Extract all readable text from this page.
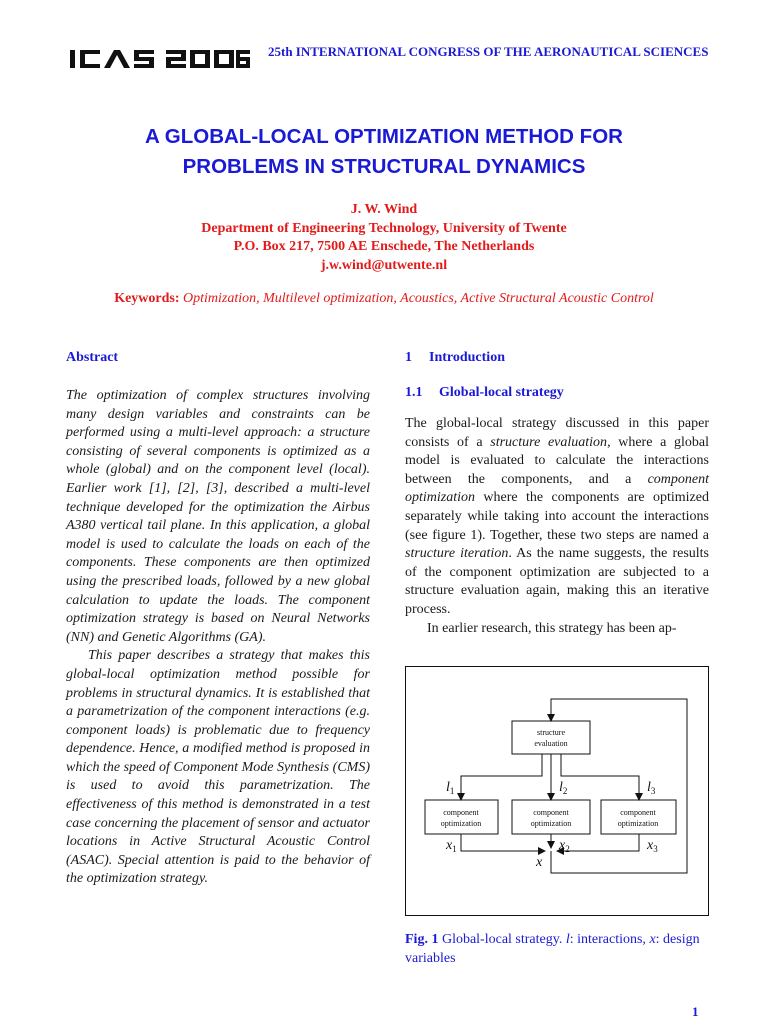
25th INTERNATIONAL CONGRESS OF THE AERONAUTICAL SCIENCES
A GLOBAL-LOCAL OPTIMIZATION METHOD FOR
PROBLEMS IN STRUCTURAL DYNAMICS
J. W. Wind
Department of Engineering Technology, University of Twente
P.O. Box 217, 7500 AE Enschede, The Netherlands
j.w.wind@utwente.nl
Keywords: Optimization, Multilevel optimization, Acoustics, Active Structural Acoustic Control
Abstract

The optimization of complex structures involving many design variables and constraints can be performed using a multi-level approach: a structure consisting of several components is optimized as a whole (global) and on the component level (local). Earlier work [1], [2], [3], described a multi-level technique developed for the optimization the Airbus A380 vertical tail plane. In this application, a global model is used to calculate the loads on each of the components. These components are then optimized using the prescribed loads, followed by a new global calculation to update the loads. The component optimization strategy is based on Neural Networks (NN) and Genetic Algorithms (GA).

This paper describes a strategy that makes this global-local optimization method possible for problems in structural dynamics. It is established that a parametrization of the component interactions (e.g. component loads) is problematic due to frequency dependence. Hence, a modified method is proposed in which the speed of Component Mode Synthesis (CMS) is used to avoid this parametrization. The effectiveness of this method is demonstrated in a test case concerning the placement of sensor and actuator locations in Active Structural Acoustic Control (ASAC). Special attention is paid to the behavior of the optimization strategy.

1 Introduction
1.1 Global-local strategy

The global-local strategy discussed in this paper consists of a structure evaluation, where a global model is evaluated to calculate the interactions between the components, and a component optimization where the components are optimized separately while taking into account the interactions (see figure 1). Together, these two steps are named a structure iteration. As the name suggests, the results of the component optimization are subjected to a structure evaluation again, making this an iterative process.

In earlier research, this strategy has been ap-

structure
evaluation
component
optimization
component
optimization
component
optimization
$l_1$	$l_2$	$l_3$
$x_1$	$x_2$	$x_3$
x
Fig. 1 Global-local strategy. l: interactions, x: design variables
1
